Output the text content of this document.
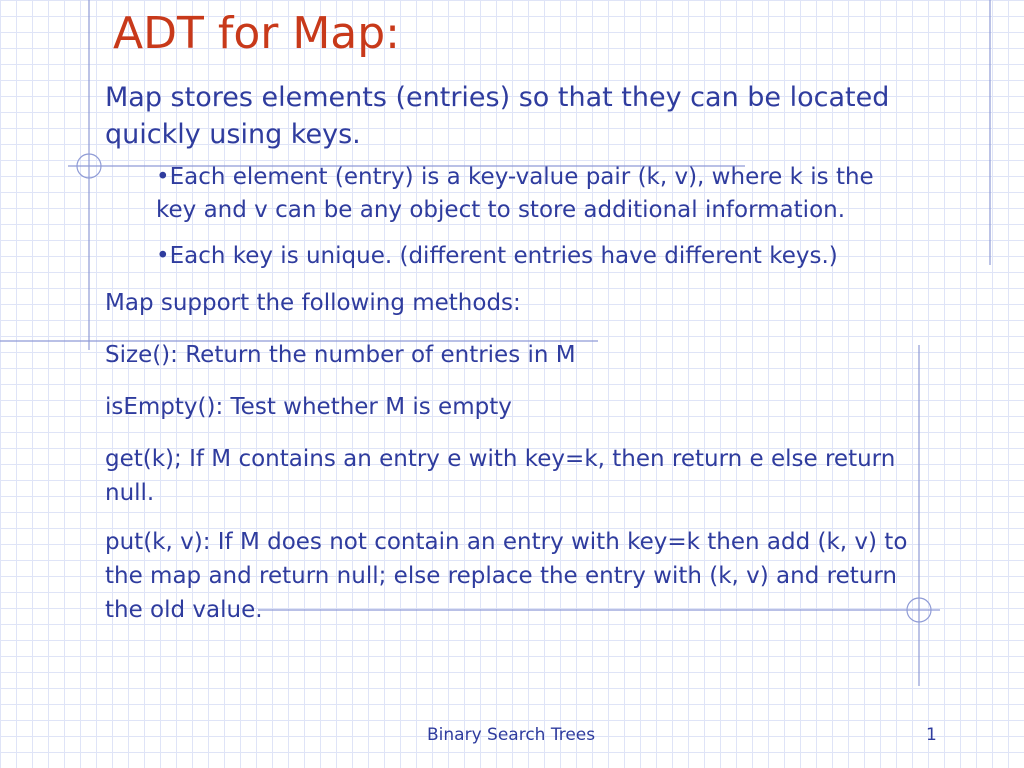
ADT for Map:

Map stores elements (entries) so that they can be located quickly using keys.

•Each element (entry) is a key-value pair (k, v), where k is the key and v can be any object to store additional information.

•Each key is unique. (different entries have different keys.)

Map support the following methods:

Size(): Return the number of entries in M

isEmpty(): Test whether M is empty

get(k); If M contains an entry e with key=k, then return e else return null.

put(k, v): If M does not contain an entry with key=k then add (k, v) to the map and return null; else replace the entry with (k, v) and return the old value.

Binary Search Trees	1
